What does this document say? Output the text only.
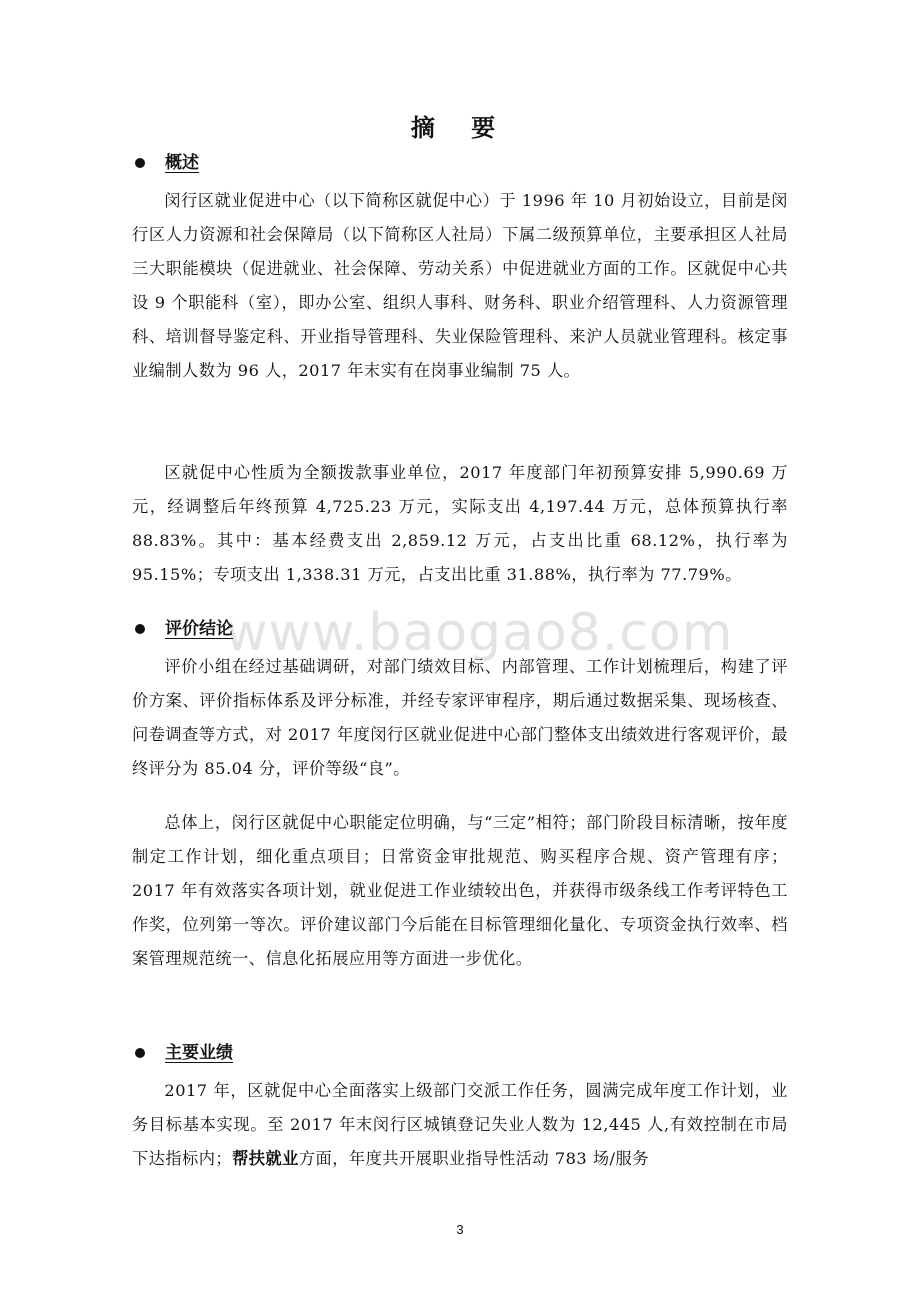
www.baogao8.com
摘 要
概述

闵行区就业促进中心（以下简称区就促中心）于 1996 年 10 月初始设立，目前是闵行区人力资源和社会保障局（以下简称区人社局）下属二级预算单位，主要承担区人社局三大职能模块（促进就业、社会保障、劳动关系）中促进就业方面的工作。区就促中心共设 9 个职能科（室），即办公室、组织人事科、财务科、职业介绍管理科、人力资源管理科、培训督导鉴定科、开业指导管理科、失业保险管理科、来沪人员就业管理科。核定事业编制人数为 96 人，2017 年末实有在岗事业编制 75 人。

区就促中心性质为全额拨款事业单位，2017 年度部门年初预算安排 5,990.69 万元，经调整后年终预算 4,725.23 万元，实际支出 4,197.44 万元，总体预算执行率 88.83%。其中：基本经费支出 2,859.12 万元，占支出比重 68.12%，执行率为 95.15%；专项支出 1,338.31 万元，占支出比重 31.88%，执行率为 77.79%。

评价结论

评价小组在经过基础调研，对部门绩效目标、内部管理、工作计划梳理后，构建了评价方案、评价指标体系及评分标准，并经专家评审程序，期后通过数据采集、现场核查、问卷调查等方式，对 2017 年度闵行区就业促进中心部门整体支出绩效进行客观评价，最终评分为 85.04 分，评价等级“良”。

总体上，闵行区就促中心职能定位明确，与“三定”相符；部门阶段目标清晰，按年度制定工作计划，细化重点项目；日常资金审批规范、购买程序合规、资产管理有序；2017 年有效落实各项计划，就业促进工作业绩较出色，并获得市级条线工作考评特色工作奖，位列第一等次。评价建议部门今后能在目标管理细化量化、专项资金执行效率、档案管理规范统一、信息化拓展应用等方面进一步优化。

主要业绩

2017 年，区就促中心全面落实上级部门交派工作任务，圆满完成年度工作计划，业务目标基本实现。至 2017 年末闵行区城镇登记失业人数为 12,445 人,有效控制在市局下达指标内；帮扶就业方面，年度共开展职业指导性活动 783 场/服务

3
